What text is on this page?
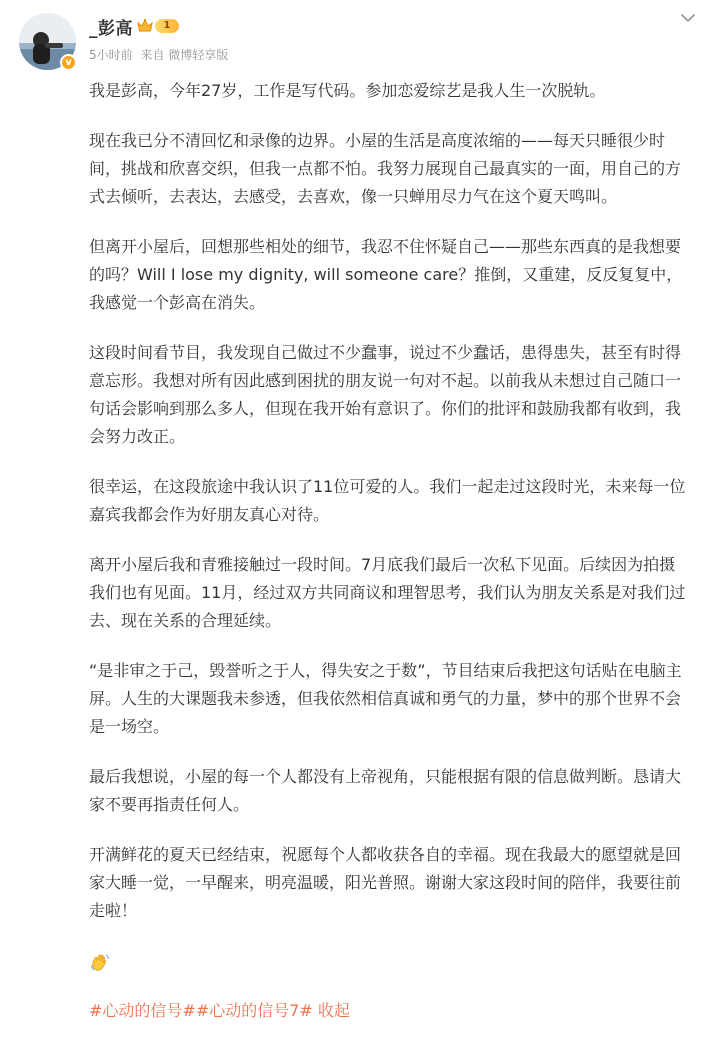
v
_彭高	1
5小时前 来自 微博轻享版

我是彭高，今年27岁，工作是写代码。参加恋爱综艺是我人生一次脱轨。

现在我已分不清回忆和录像的边界。小屋的生活是高度浓缩的——每天只睡很少时间，挑战和欣喜交织，但我一点都不怕。我努力展现自己最真实的一面，用自己的方式去倾听，去表达，去感受，去喜欢，像一只蝉用尽力气在这个夏天鸣叫。

但离开小屋后，回想那些相处的细节，我忍不住怀疑自己——那些东西真的是我想要的吗？Will I lose my dignity, will someone care？推倒，又重建，反反复复中，我感觉一个彭高在消失。

这段时间看节目，我发现自己做过不少蠢事，说过不少蠢话，患得患失，甚至有时得意忘形。我想对所有因此感到困扰的朋友说一句对不起。以前我从未想过自己随口一句话会影响到那么多人，但现在我开始有意识了。你们的批评和鼓励我都有收到，我会努力改正。

很幸运，在这段旅途中我认识了11位可爱的人。我们一起走过这段时光，未来每一位嘉宾我都会作为好朋友真心对待。

离开小屋后我和青雅接触过一段时间。7月底我们最后一次私下见面。后续因为拍摄我们也有见面。11月，经过双方共同商议和理智思考，我们认为朋友关系是对我们过去、现在关系的合理延续。

“是非审之于己，毁誉听之于人，得失安之于数”，节目结束后我把这句话贴在电脑主屏。人生的大课题我未参透，但我依然相信真诚和勇气的力量，梦中的那个世界不会是一场空。

最后我想说，小屋的每一个人都没有上帝视角，只能根据有限的信息做判断。恳请大家不要再指责任何人。

开满鲜花的夏天已经结束，祝愿每个人都收获各自的幸福。现在我最大的愿望就是回家大睡一觉，一早醒来，明亮温暖，阳光普照。谢谢大家这段时间的陪伴，我要往前走啦！

#心动的信号##心动的信号7# 收起
